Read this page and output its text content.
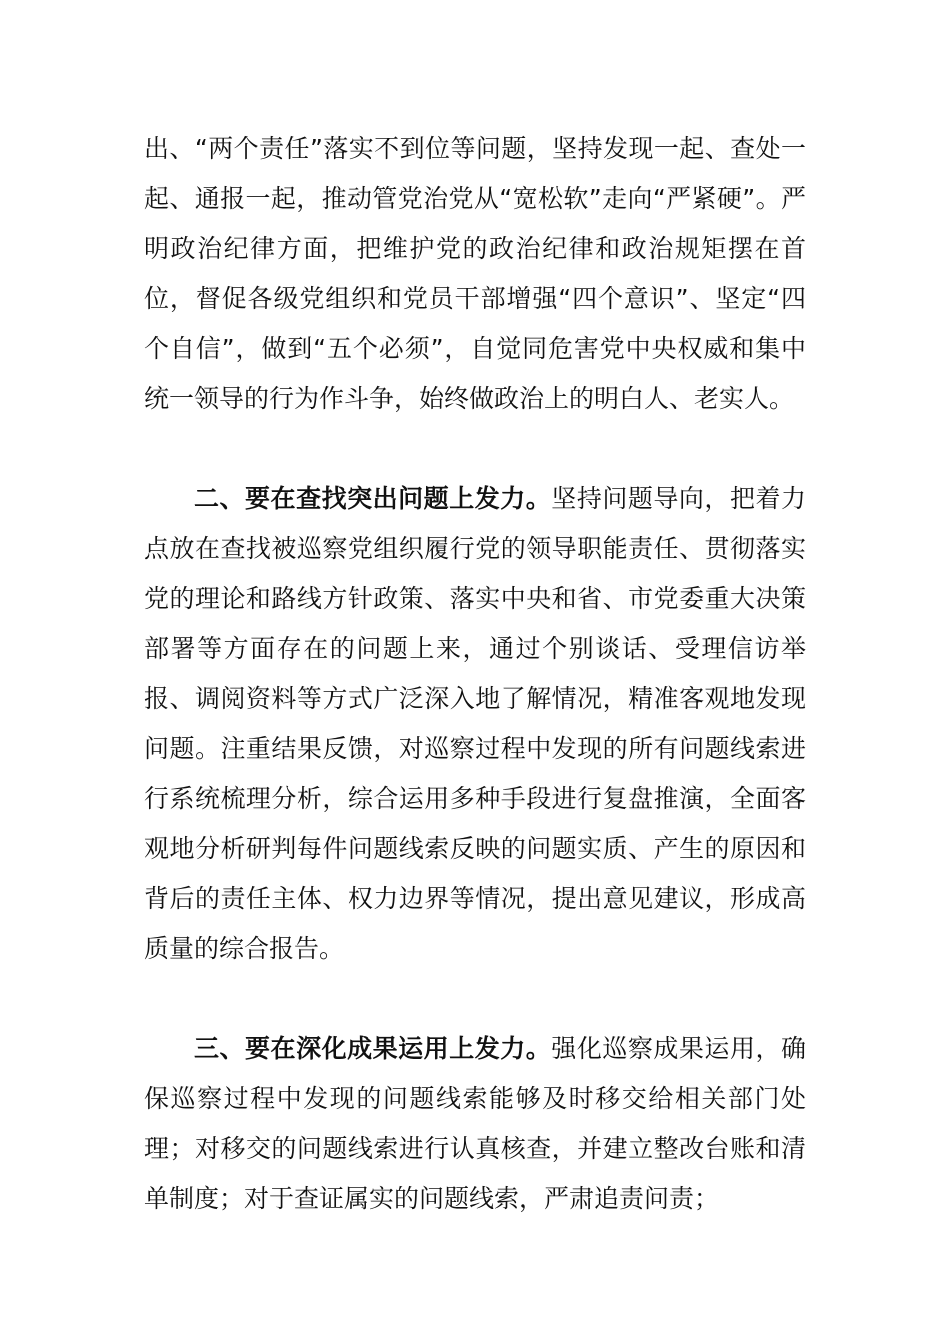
出、“两个责任”落实不到位等问题，坚持发现一起、查处一起、通报一起，推动管党治党从“宽松软”走向“严紧硬”。严明政治纪律方面，把维护党的政治纪律和政治规矩摆在首位，督促各级党组织和党员干部增强“四个意识”、坚定“四个自信”，做到“五个必须”，自觉同危害党中央权威和集中统一领导的行为作斗争，始终做政治上的明白人、老实人。

二、要在查找突出问题上发力。坚持问题导向，把着力点放在查找被巡察党组织履行党的领导职能责任、贯彻落实党的理论和路线方针政策、落实中央和省、市党委重大决策部署等方面存在的问题上来，通过个别谈话、受理信访举报、调阅资料等方式广泛深入地了解情况，精准客观地发现问题。注重结果反馈，对巡察过程中发现的所有问题线索进行系统梳理分析，综合运用多种手段进行复盘推演，全面客观地分析研判每件问题线索反映的问题实质、产生的原因和背后的责任主体、权力边界等情况，提出意见建议，形成高质量的综合报告。

三、要在深化成果运用上发力。强化巡察成果运用，确保巡察过程中发现的问题线索能够及时移交给相关部门处理；对移交的问题线索进行认真核查，并建立整改台账和清单制度；对于查证属实的问题线索，严肃追责问责；
